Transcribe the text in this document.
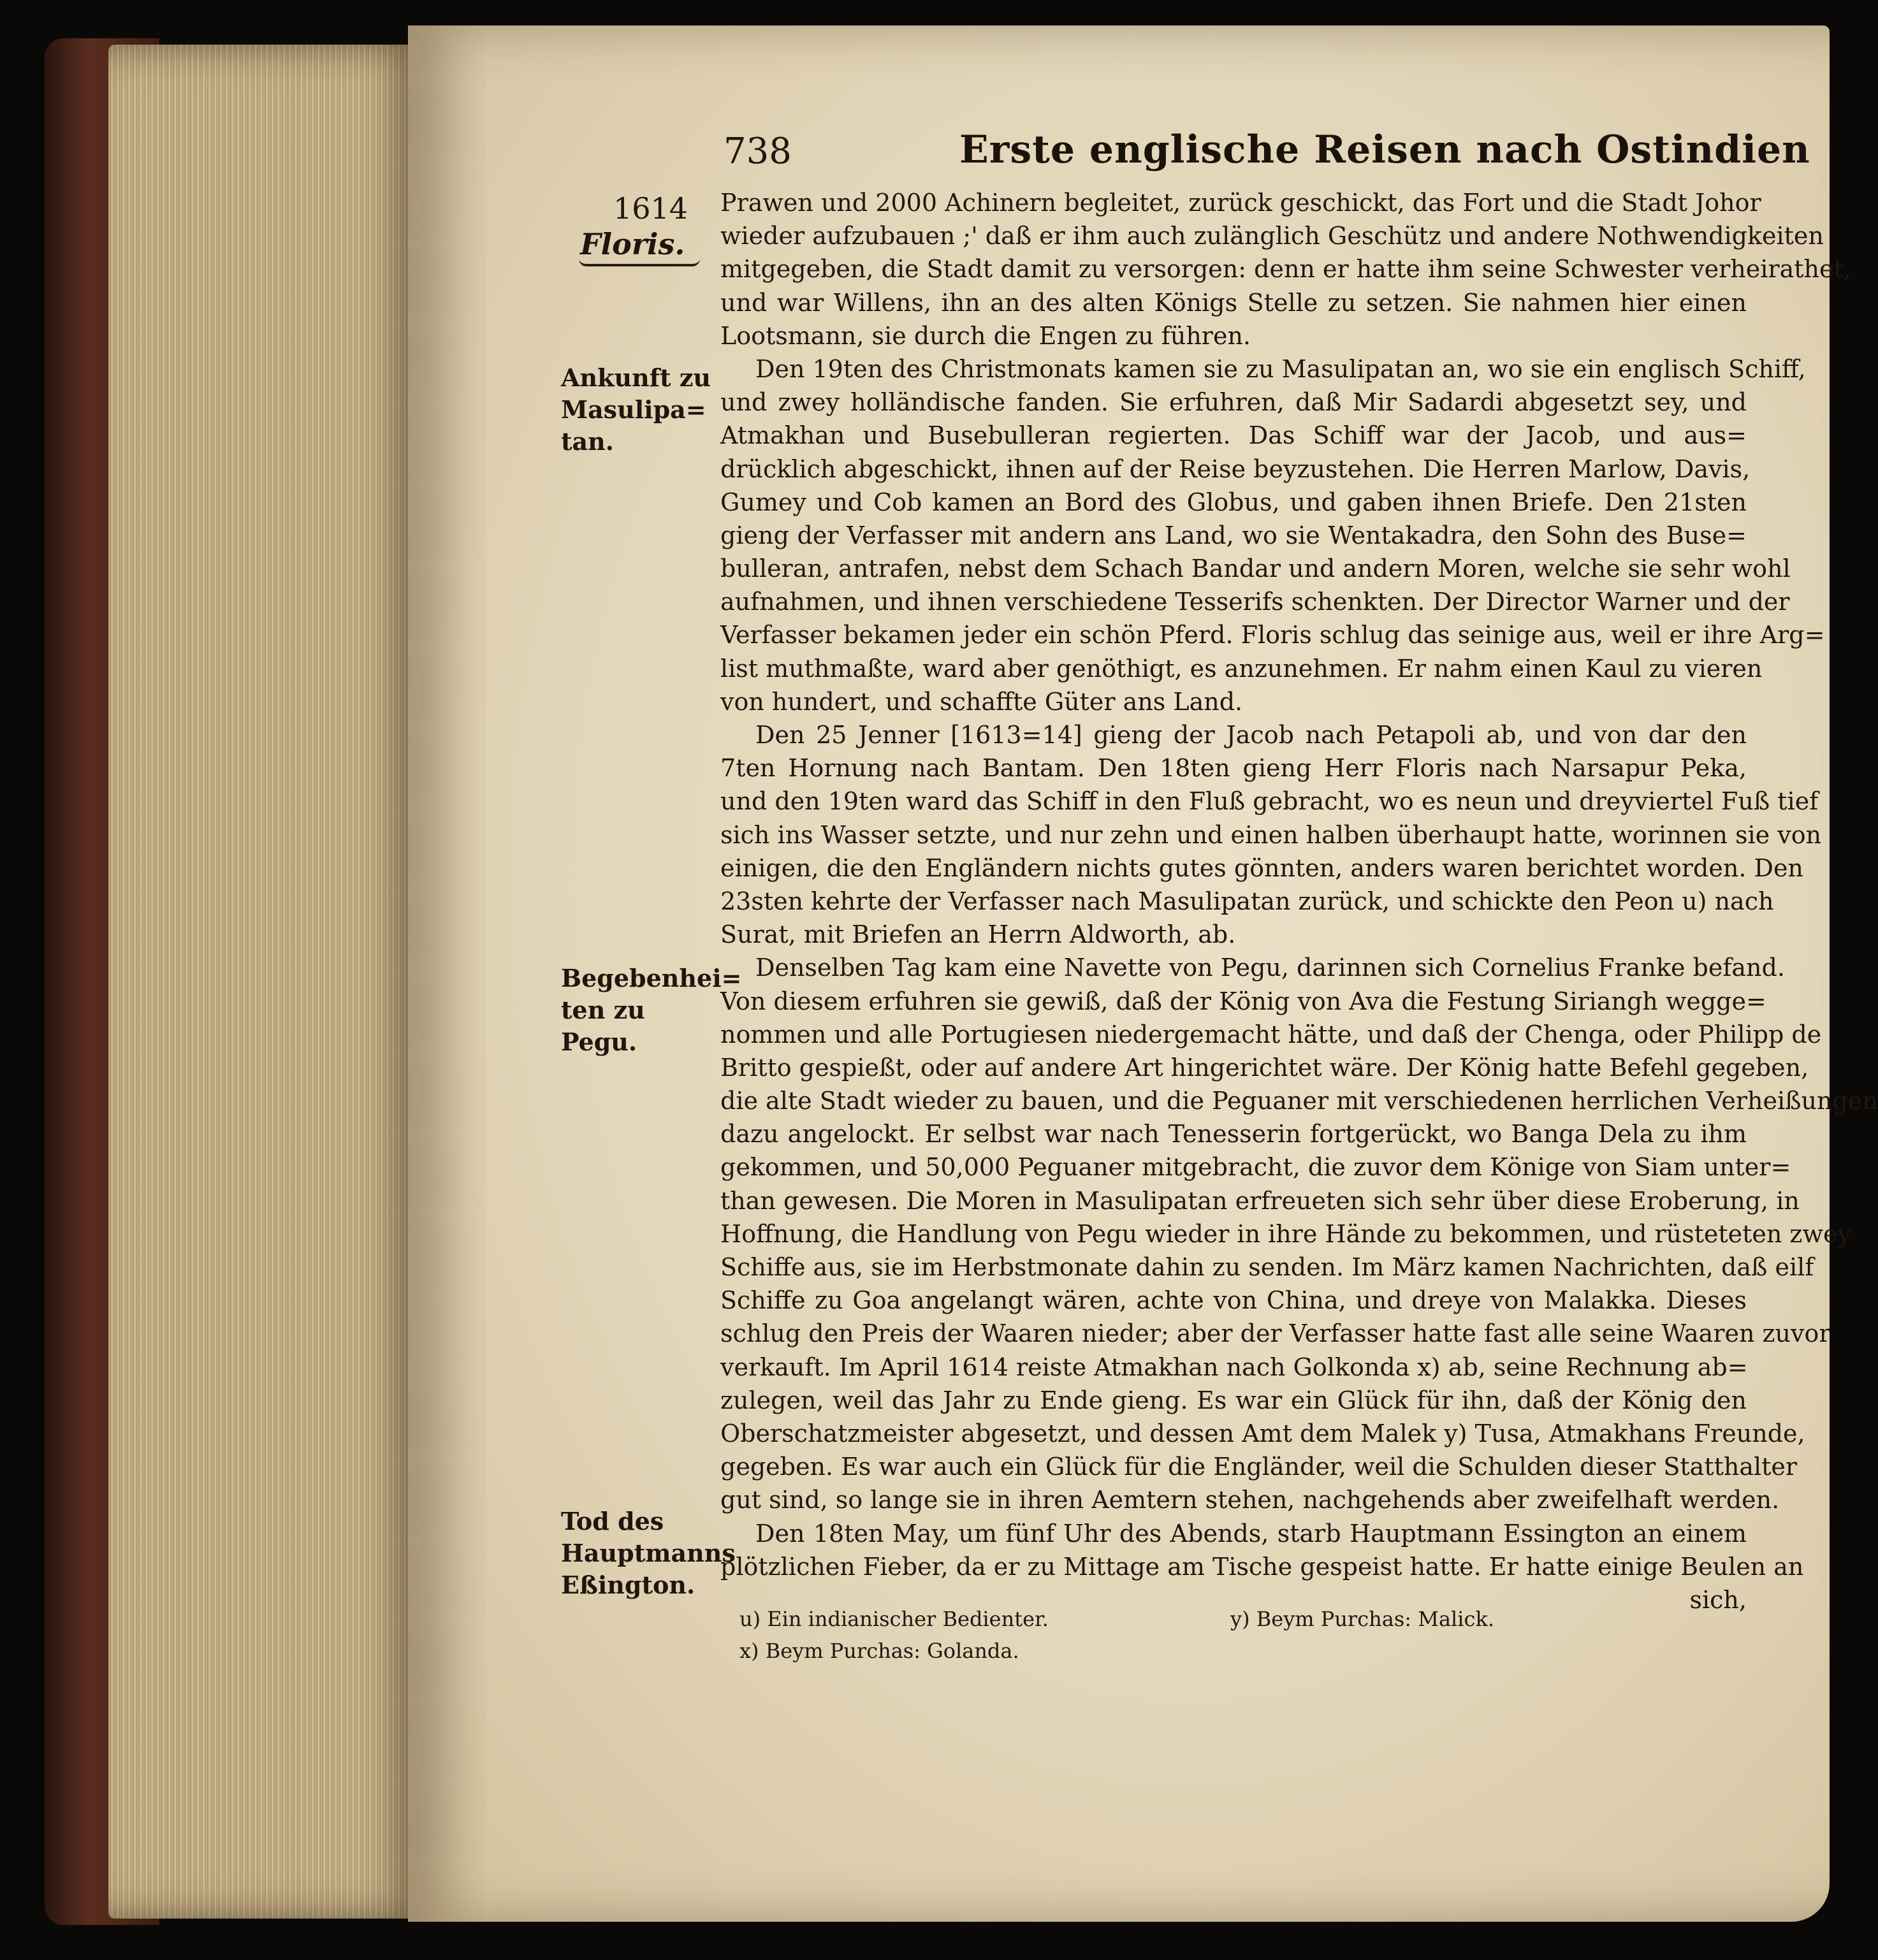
738	Erste englische Reisen nach Ostindien
1614
Floris.
Ankunft zu
Masulipa=
tan.
Begebenhei=
ten zu Pegu.
Tod des
Hauptmanns
Eßington.
Prawen und 2000 Achinern begleitet, zurück geschickt, das Fort und die Stadt Johor
wieder aufzubauen ;' daß er ihm auch zulänglich Geschütz und andere Nothwendigkeiten
mitgegeben, die Stadt damit zu versorgen: denn er hatte ihm seine Schwester verheirathet,
und war Willens, ihn an des alten Königs Stelle zu setzen. Sie nahmen hier einen
Lootsmann, sie durch die Engen zu führen.
Den 19ten des Christmonats kamen sie zu Masulipatan an, wo sie ein englisch Schiff,
und zwey holländische fanden. Sie erfuhren, daß Mir Sadardi abgesetzt sey, und
Atmakhan und Busebulleran regierten. Das Schiff war der Jacob, und aus=
drücklich abgeschickt, ihnen auf der Reise beyzustehen. Die Herren Marlow, Davis,
Gumey und Cob kamen an Bord des Globus, und gaben ihnen Briefe. Den 21sten
gieng der Verfasser mit andern ans Land, wo sie Wentakadra, den Sohn des Buse=
bulleran, antrafen, nebst dem Schach Bandar und andern Moren, welche sie sehr wohl
aufnahmen, und ihnen verschiedene Tesserifs schenkten. Der Director Warner und der
Verfasser bekamen jeder ein schön Pferd. Floris schlug das seinige aus, weil er ihre Arg=
list muthmaßte, ward aber genöthigt, es anzunehmen. Er nahm einen Kaul zu vieren
von hundert, und schaffte Güter ans Land.
Den 25 Jenner [1613=14] gieng der Jacob nach Petapoli ab, und von dar den
7ten Hornung nach Bantam. Den 18ten gieng Herr Floris nach Narsapur Peka,
und den 19ten ward das Schiff in den Fluß gebracht, wo es neun und dreyviertel Fuß tief
sich ins Wasser setzte, und nur zehn und einen halben überhaupt hatte, worinnen sie von
einigen, die den Engländern nichts gutes gönnten, anders waren berichtet worden. Den
23sten kehrte der Verfasser nach Masulipatan zurück, und schickte den Peon u) nach
Surat, mit Briefen an Herrn Aldworth, ab.
Denselben Tag kam eine Navette von Pegu, darinnen sich Cornelius Franke befand.
Von diesem erfuhren sie gewiß, daß der König von Ava die Festung Siriangh wegge=
nommen und alle Portugiesen niedergemacht hätte, und daß der Chenga, oder Philipp de
Britto gespießt, oder auf andere Art hingerichtet wäre. Der König hatte Befehl gegeben,
die alte Stadt wieder zu bauen, und die Peguaner mit verschiedenen herrlichen Verheißungen
dazu angelockt. Er selbst war nach Tenesserin fortgerückt, wo Banga Dela zu ihm
gekommen, und 50,000 Peguaner mitgebracht, die zuvor dem Könige von Siam unter=
than gewesen. Die Moren in Masulipatan erfreueten sich sehr über diese Eroberung, in
Hoffnung, die Handlung von Pegu wieder in ihre Hände zu bekommen, und rüsteteten zwey
Schiffe aus, sie im Herbstmonate dahin zu senden. Im März kamen Nachrichten, daß eilf
Schiffe zu Goa angelangt wären, achte von China, und dreye von Malakka. Dieses
schlug den Preis der Waaren nieder; aber der Verfasser hatte fast alle seine Waaren zuvor
verkauft. Im April 1614 reiste Atmakhan nach Golkonda x) ab, seine Rechnung ab=
zulegen, weil das Jahr zu Ende gieng. Es war ein Glück für ihn, daß der König den
Oberschatzmeister abgesetzt, und dessen Amt dem Malek y) Tusa, Atmakhans Freunde,
gegeben. Es war auch ein Glück für die Engländer, weil die Schulden dieser Statthalter
gut sind, so lange sie in ihren Aemtern stehen, nachgehends aber zweifelhaft werden.
Den 18ten May, um fünf Uhr des Abends, starb Hauptmann Essington an einem
plötzlichen Fieber, da er zu Mittage am Tische gespeist hatte. Er hatte einige Beulen an
sich,
u) Ein indianischer Bedienter.
x) Beym Purchas: Golanda.
y) Beym Purchas: Malick.
